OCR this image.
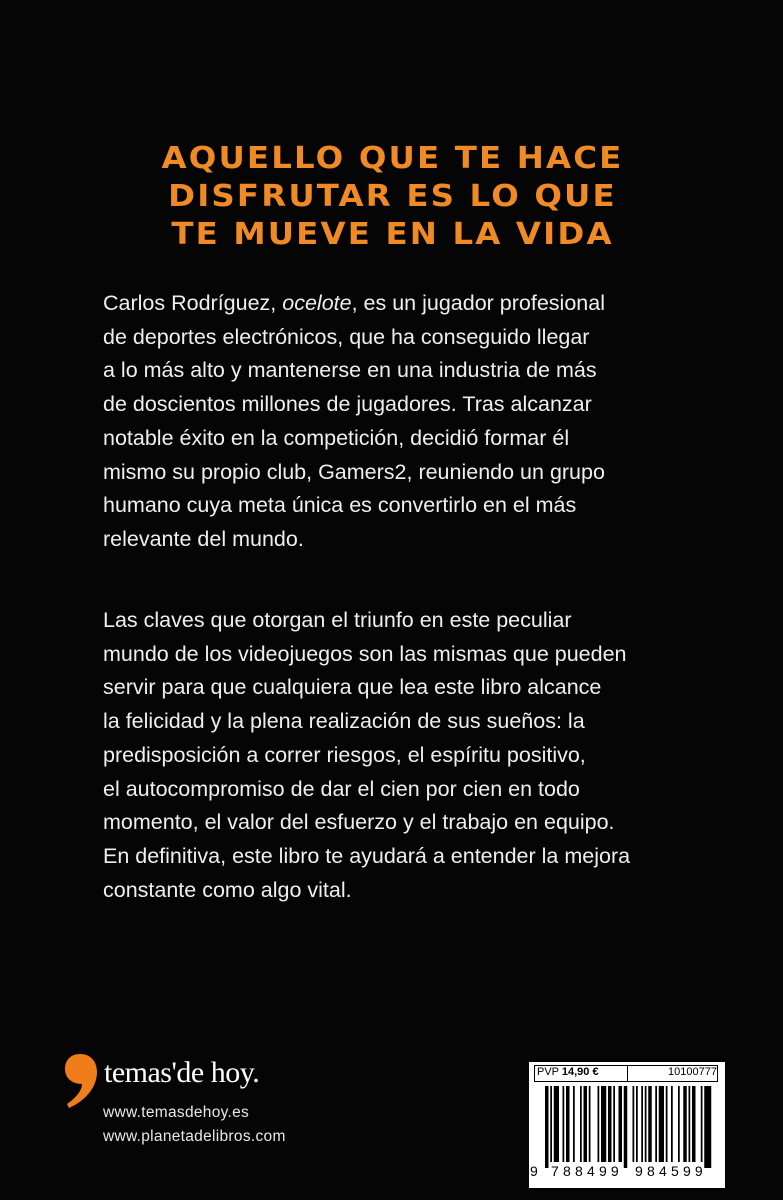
AQUELLO QUE TE HACE
DISFRUTAR ES LO QUE
TE MUEVE EN LA VIDA
Carlos Rodríguez, ocelote, es un jugador profesional
de deportes electrónicos, que ha conseguido llegar
a lo más alto y mantenerse en una industria de más
de doscientos millones de jugadores. Tras alcanzar
notable éxito en la competición, decidió formar él
mismo su propio club, Gamers2, reuniendo un grupo
humano cuya meta única es convertirlo en el más
relevante del mundo.
Las claves que otorgan el triunfo en este peculiar
mundo de los videojuegos son las mismas que pueden
servir para que cualquiera que lea este libro alcance
la felicidad y la plena realización de sus sueños: la
predisposición a correr riesgos, el espíritu positivo,
el autocompromiso de dar el cien por cien en todo
momento, el valor del esfuerzo y el trabajo en equipo.
En definitiva, este libro te ayudará a entender la mejora
constante como algo vital.
temas'de hoy.
www.temasdehoy.es
www.planetadelibros.com
PVP 14,90 €	10100777
9 788499 984599
